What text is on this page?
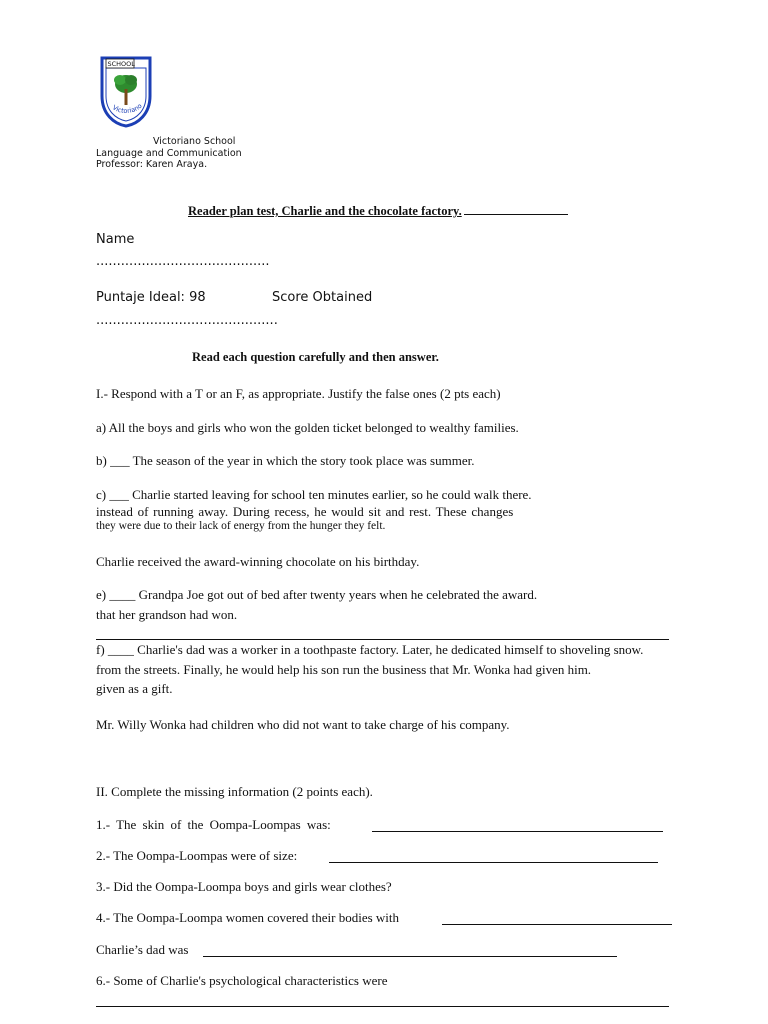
SCHOOL
Victoriano
Victoriano School
Language and Communication
Professor: Karen Araya.
Reader plan test, Charlie and the chocolate factory.
Name
..........................................
Puntaje Ideal: 98	Score Obtained
............................................
Read each question carefully and then answer.
I.- Respond with a T or an F, as appropriate. Justify the false ones (2 pts each)
a) All the boys and girls who won the golden ticket belonged to wealthy families.
b) ___ The season of the year in which the story took place was summer.
c) ___ Charlie started leaving for school ten minutes earlier, so he could walk there.
instead of running away. During recess, he would sit and rest. These changes
they were due to their lack of energy from the hunger they felt.
Charlie received the award-winning chocolate on his birthday.
e) ____ Grandpa Joe got out of bed after twenty years when he celebrated the award.
that her grandson had won.
f) ____ Charlie's dad was a worker in a toothpaste factory. Later, he dedicated himself to shoveling snow.
from the streets. Finally, he would help his son run the business that Mr. Wonka had given him.
given as a gift.
Mr. Willy Wonka had children who did not want to take charge of his company.
II. Complete the missing information (2 points each).
1.- The skin of the Oompa-Loompas was:
2.- The Oompa-Loompas were of size:
3.- Did the Oompa-Loompa boys and girls wear clothes?
4.- The Oompa-Loompa women covered their bodies with
Charlie’s dad was
6.- Some of Charlie's psychological characteristics were
